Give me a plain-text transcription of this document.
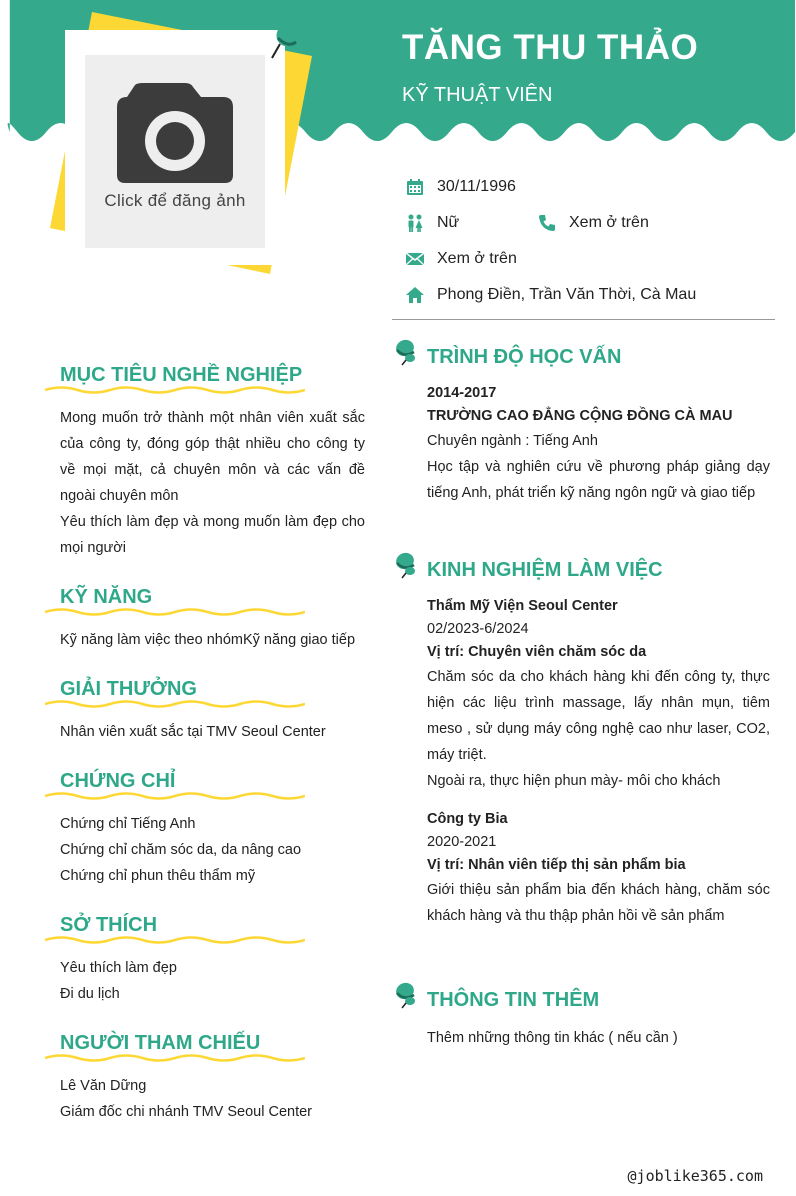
TĂNG THU THẢO
KỸ THUẬT VIÊN
Click để đăng ảnh
30/11/1996
Nữ	Xem ở trên
Xem ở trên
Phong Điền, Trần Văn Thời, Cà Mau
MỤC TIÊU NGHỀ NGHIỆP

Mong muốn trở thành một nhân viên xuất sắc của công ty, đóng góp thật nhiều cho công ty về mọi mặt, cả chuyên môn và các vấn đề ngoài chuyên môn

Yêu thích làm đẹp và mong muốn làm đẹp cho mọi người

KỸ NĂNG

Kỹ năng làm việc theo nhómKỹ năng giao tiếp

GIẢI THƯỞNG

Nhân viên xuất sắc tại TMV Seoul Center

CHỨNG CHỈ

Chứng chỉ Tiếng Anh

Chứng chỉ chăm sóc da, da nâng cao

Chứng chỉ phun thêu thẩm mỹ

SỞ THÍCH

Yêu thích làm đẹp

Đi du lịch

NGƯỜI THAM CHIẾU

Lê Văn Dững

Giám đốc chi nhánh TMV Seoul Center

TRÌNH ĐỘ HỌC VẤN
2014-2017
TRƯỜNG CAO ĐẲNG CỘNG ĐỒNG CÀ MAU
Chuyên ngành : Tiếng Anh
Học tập và nghiên cứu về phương pháp giảng dạy tiếng Anh, phát triển kỹ năng ngôn ngữ và giao tiếp
KINH NGHIỆM LÀM VIỆC
Thẩm Mỹ Viện Seoul Center
02/2023-6/2024
Vị trí: Chuyên viên chăm sóc da
Chăm sóc da cho khách hàng khi đến công ty, thực hiện các liệu trình massage, lấy nhân mụn, tiêm meso , sử dụng máy công nghệ cao như laser, CO2, máy triệt.
Ngoài ra, thực hiện phun mày- môi cho khách
Công ty Bia
2020-2021
Vị trí: Nhân viên tiếp thị sản phẩm bia
Giới thiệu sản phẩm bia đến khách hàng, chăm sóc khách hàng và thu thập phản hồi về sản phẩm
THÔNG TIN THÊM
Thêm những thông tin khác ( nếu cần )
@joblike365.com
